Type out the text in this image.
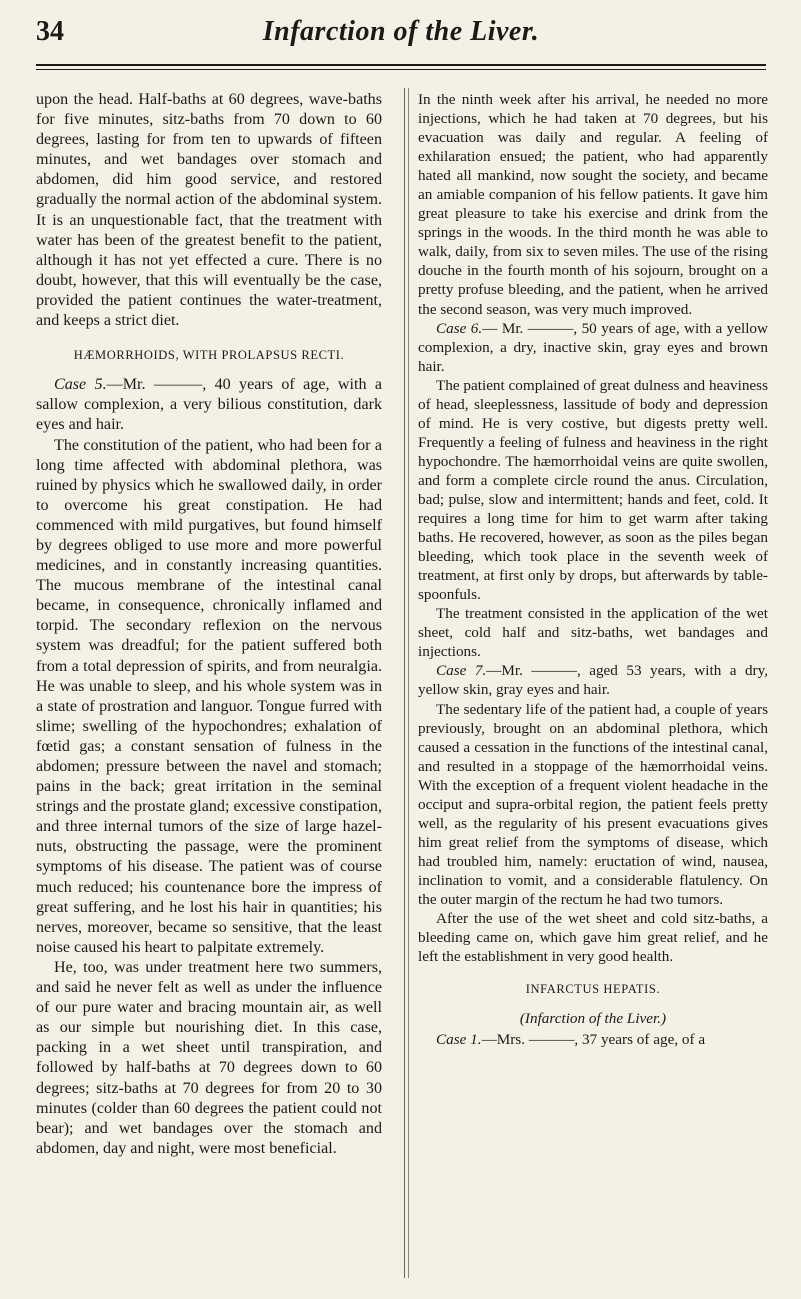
34	Infarction of the Liver.

upon the head. Half-baths at 60 degrees, wave-baths for five minutes, sitz-baths from 70 down to 60 degrees, lasting for from ten to upwards of fifteen minutes, and wet bandages over stomach and abdomen, did him good service, and restored gradually the normal action of the abdominal system. It is an unquestionable fact, that the treatment with water has been of the greatest benefit to the patient, although it has not yet effected a cure. There is no doubt, however, that this will eventually be the case, provided the patient continues the water-treatment, and keeps a strict diet.

HÆMORRHOIDS, WITH PROLAPSUS RECTI.

Case 5.—Mr. ———, 40 years of age, with a sallow complexion, a very bilious constitution, dark eyes and hair.

The constitution of the patient, who had been for a long time affected with abdominal plethora, was ruined by physics which he swallowed daily, in order to overcome his great constipation. He had commenced with mild purgatives, but found himself by degrees obliged to use more and more powerful medicines, and in constantly increasing quantities. The mucous membrane of the intestinal canal became, in consequence, chronically inflamed and torpid. The secondary reflexion on the nervous system was dreadful; for the patient suffered both from a total depression of spirits, and from neuralgia. He was unable to sleep, and his whole system was in a state of prostration and languor. Tongue furred with slime; swelling of the hypochondres; exhalation of fœtid gas; a constant sensation of fulness in the abdomen; pressure between the navel and stomach; pains in the back; great irritation in the seminal strings and the prostate gland; excessive constipation, and three internal tumors of the size of large hazel-nuts, obstructing the passage, were the prominent symptoms of his disease. The patient was of course much reduced; his countenance bore the impress of great suffering, and he lost his hair in quantities; his nerves, moreover, became so sensitive, that the least noise caused his heart to palpitate extremely.

He, too, was under treatment here two summers, and said he never felt as well as under the influence of our pure water and bracing mountain air, as well as our simple but nourishing diet. In this case, packing in a wet sheet until transpiration, and followed by half-baths at 70 degrees down to 60 degrees; sitz-baths at 70 degrees for from 20 to 30 minutes (colder than 60 degrees the patient could not bear); and wet bandages over the stomach and abdomen, day and night, were most beneficial.

In the ninth week after his arrival, he needed no more injections, which he had taken at 70 degrees, but his evacuation was daily and regular. A feeling of exhilaration ensued; the patient, who had apparently hated all mankind, now sought the society, and became an amiable companion of his fellow patients. It gave him great pleasure to take his exercise and drink from the springs in the woods. In the third month he was able to walk, daily, from six to seven miles. The use of the rising douche in the fourth month of his sojourn, brought on a pretty profuse bleeding, and the patient, when he arrived the second season, was very much improved.

Case 6.— Mr. ———, 50 years of age, with a yellow complexion, a dry, inactive skin, gray eyes and brown hair.

The patient complained of great dulness and heaviness of head, sleeplessness, lassitude of body and depression of mind. He is very costive, but digests pretty well. Frequently a feeling of fulness and heaviness in the right hypochondre. The hæmorrhoidal veins are quite swollen, and form a complete circle round the anus. Circulation, bad; pulse, slow and intermittent; hands and feet, cold. It requires a long time for him to get warm after taking baths. He recovered, however, as soon as the piles began bleeding, which took place in the seventh week of treatment, at first only by drops, but afterwards by table-spoonfuls.

The treatment consisted in the application of the wet sheet, cold half and sitz-baths, wet bandages and injections.

Case 7.—Mr. ———, aged 53 years, with a dry, yellow skin, gray eyes and hair.

The sedentary life of the patient had, a couple of years previously, brought on an abdominal plethora, which caused a cessation in the functions of the intestinal canal, and resulted in a stoppage of the hæmorrhoidal veins. With the exception of a frequent violent headache in the occiput and supra-orbital region, the patient feels pretty well, as the regularity of his present evacuations gives him great relief from the symptoms of disease, which had troubled him, namely: eructation of wind, nausea, inclination to vomit, and a considerable flatulency. On the outer margin of the rectum he had two tumors.

After the use of the wet sheet and cold sitz-baths, a bleeding came on, which gave him great relief, and he left the establishment in very good health.

INFARCTUS HEPATIS.
(Infarction of the Liver.)

Case 1.—Mrs. ———, 37 years of age, of a
